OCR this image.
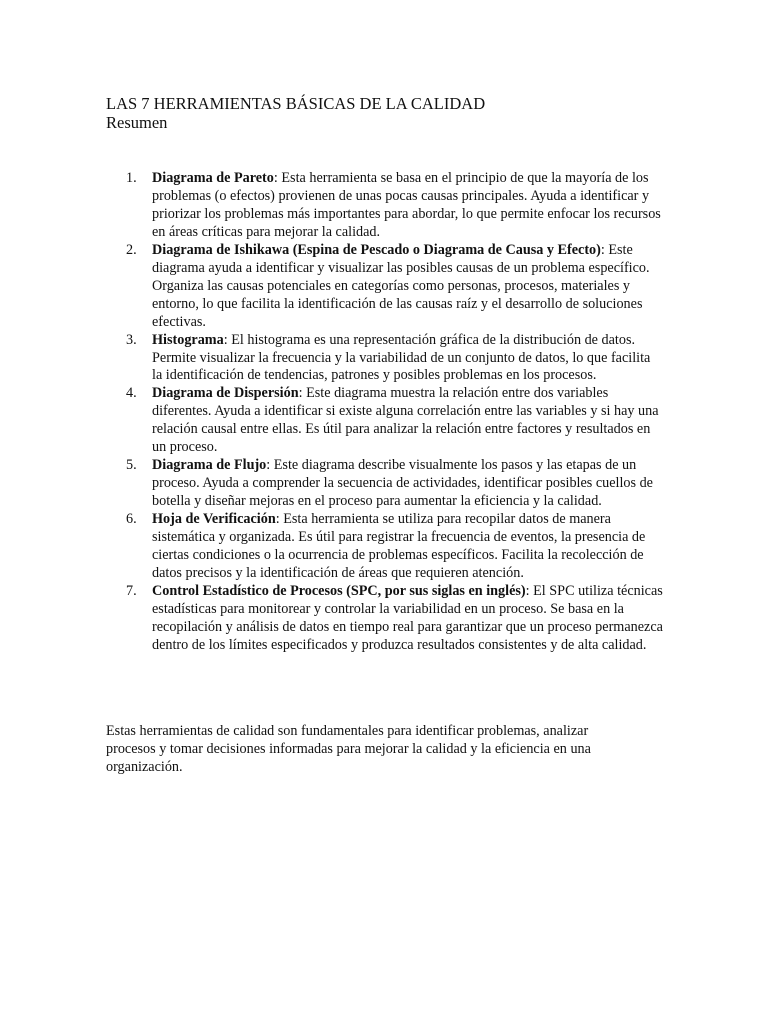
LAS 7 HERRAMIENTAS BÁSICAS DE LA CALIDAD
Resumen
1.	Diagrama de Pareto: Esta herramienta se basa en el principio de que la mayoría de los problemas (o efectos) provienen de unas pocas causas principales. Ayuda a identificar y priorizar los problemas más importantes para abordar, lo que permite enfocar los recursos en áreas críticas para mejorar la calidad.
2.	Diagrama de Ishikawa (Espina de Pescado o Diagrama de Causa y Efecto): Este diagrama ayuda a identificar y visualizar las posibles causas de un problema específico. Organiza las causas potenciales en categorías como personas, procesos, materiales y entorno, lo que facilita la identificación de las causas raíz y el desarrollo de soluciones efectivas.
3.	Histograma: El histograma es una representación gráfica de la distribución de datos. Permite visualizar la frecuencia y la variabilidad de un conjunto de datos, lo que facilita la identificación de tendencias, patrones y posibles problemas en los procesos.
4.	Diagrama de Dispersión: Este diagrama muestra la relación entre dos variables diferentes. Ayuda a identificar si existe alguna correlación entre las variables y si hay una relación causal entre ellas. Es útil para analizar la relación entre factores y resultados en un proceso.
5.	Diagrama de Flujo: Este diagrama describe visualmente los pasos y las etapas de un proceso. Ayuda a comprender la secuencia de actividades, identificar posibles cuellos de botella y diseñar mejoras en el proceso para aumentar la eficiencia y la calidad.
6.	Hoja de Verificación: Esta herramienta se utiliza para recopilar datos de manera sistemática y organizada. Es útil para registrar la frecuencia de eventos, la presencia de ciertas condiciones o la ocurrencia de problemas específicos. Facilita la recolección de datos precisos y la identificación de áreas que requieren atención.
7.	Control Estadístico de Procesos (SPC, por sus siglas en inglés): El SPC utiliza técnicas estadísticas para monitorear y controlar la variabilidad en un proceso. Se basa en la recopilación y análisis de datos en tiempo real para garantizar que un proceso permanezca dentro de los límites especificados y produzca resultados consistentes y de alta calidad.

Estas herramientas de calidad son fundamentales para identificar problemas, analizar procesos y tomar decisiones informadas para mejorar la calidad y la eficiencia en una organización.
